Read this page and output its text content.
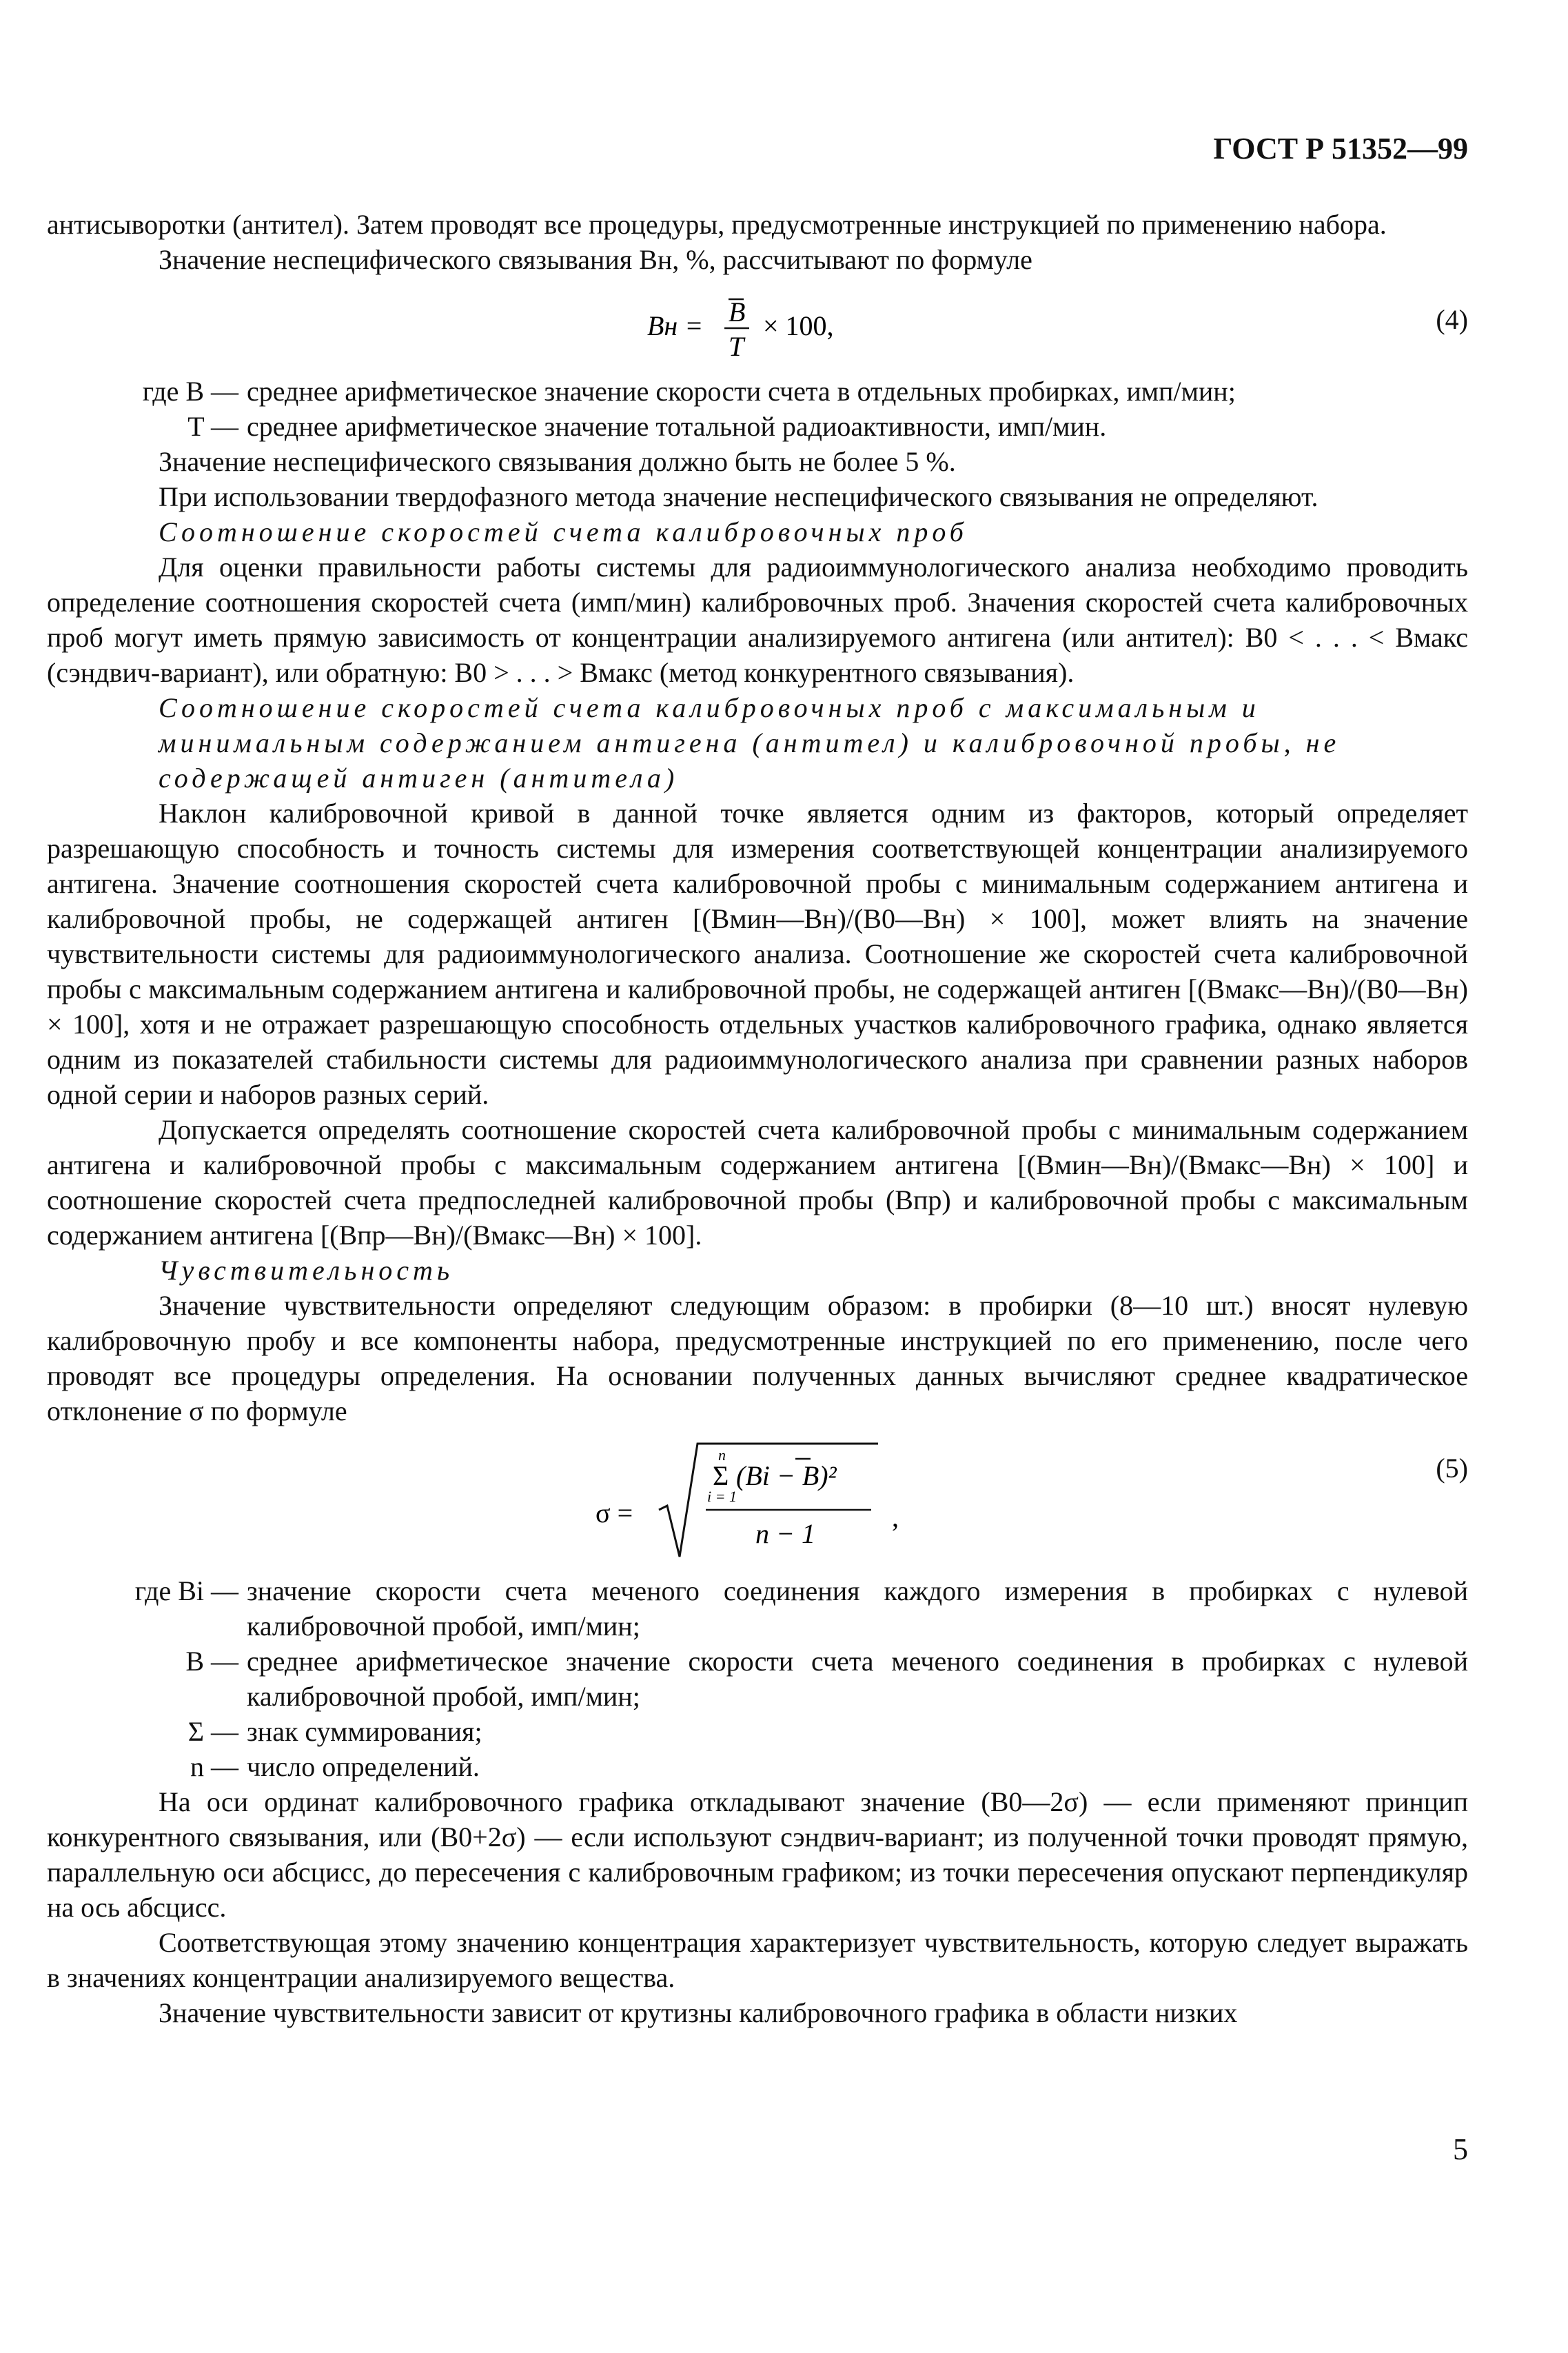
ГОСТ Р 51352—99

антисыворотки (антител). Затем проводят все процедуры, предусмотренные инструкцией по применению набора.

Значение неспецифического связывания Bн, %, рассчитывают по формуле

Bн = B
T
× 100,	(4)
где B — среднее арифметическое значение скорости счета в отдельных пробирках, имп/мин;
T — среднее арифметическое значение тотальной радиоактивности, имп/мин.

Значение неспецифического связывания должно быть не более 5 %.

При использовании твердофазного метода значение неспецифического связывания не определяют.

Соотношение скоростей счета калибровочных проб

Для оценки правильности работы системы для радиоиммунологического анализа необходимо проводить определение соотношения скоростей счета (имп/мин) калибровочных проб. Значения скоростей счета калибровочных проб могут иметь прямую зависимость от концентрации анализируемого антигена (или антител): B0 < . . . < Bмакс (сэндвич-вариант), или обратную: B0 > . . . > Bмакс (метод конкурентного связывания).

Соотношение скоростей счета калибровочных проб с максимальным и минимальным содержанием антигена (антител) и калибровочной пробы, не содержащей антиген (антитела)

Наклон калибровочной кривой в данной точке является одним из факторов, который определяет разрешающую способность и точность системы для измерения соответствующей концентрации анализируемого антигена. Значение соотношения скоростей счета калибровочной пробы с минимальным содержанием антигена и калибровочной пробы, не содержащей антиген [(Bмин—Bн)/(B0—Bн) × 100], может влиять на значение чувствительности системы для радиоиммунологического анализа. Соотношение же скоростей счета калибровочной пробы с максимальным содержанием антигена и калибровочной пробы, не содержащей антиген [(Bмакс—Bн)/(B0—Bн) × 100], хотя и не отражает разрешающую способность отдельных участков калибровочного графика, однако является одним из показателей стабильности системы для радиоиммунологического анализа при сравнении разных наборов одной серии и наборов разных серий.

Допускается определять соотношение скоростей счета калибровочной пробы с минимальным содержанием антигена и калибровочной пробы с максимальным содержанием антигена [(Bмин—Bн)/(Bмакс—Bн) × 100] и соотношение скоростей счета предпоследней калибровочной пробы (Bпр) и калибровочной пробы с максимальным содержанием антигена [(Bпр—Bн)/(Bмакс—Bн) × 100].

Чувствительность

Значение чувствительности определяют следующим образом: в пробирки (8—10 шт.) вносят нулевую калибровочную пробу и все компоненты набора, предусмотренные инструкцией по его применению, после чего проводят все процедуры определения. На основании полученных данных вычисляют среднее квадратическое отклонение σ по формуле

σ =
n
Σ
i = 1
(Bi − B)²
n − 1
,
(5)
где Bi — значение скорости счета меченого соединения каждого измерения в пробирках с нулевой калибровочной пробой, имп/мин;
B — среднее арифметическое значение скорости счета меченого соединения в пробирках с нулевой калибровочной пробой, имп/мин;
Σ — знак суммирования;
n — число определений.

На оси ординат калибровочного графика откладывают значение (B0—2σ) — если применяют принцип конкурентного связывания, или (B0+2σ) — если используют сэндвич-вариант; из полученной точки проводят прямую, параллельную оси абсцисс, до пересечения с калибровочным графиком; из точки пересечения опускают перпендикуляр на ось абсцисс.

Соответствующая этому значению концентрация характеризует чувствительность, которую следует выражать в значениях концентрации анализируемого вещества.

Значение чувствительности зависит от крутизны калибровочного графика в области низких

5
